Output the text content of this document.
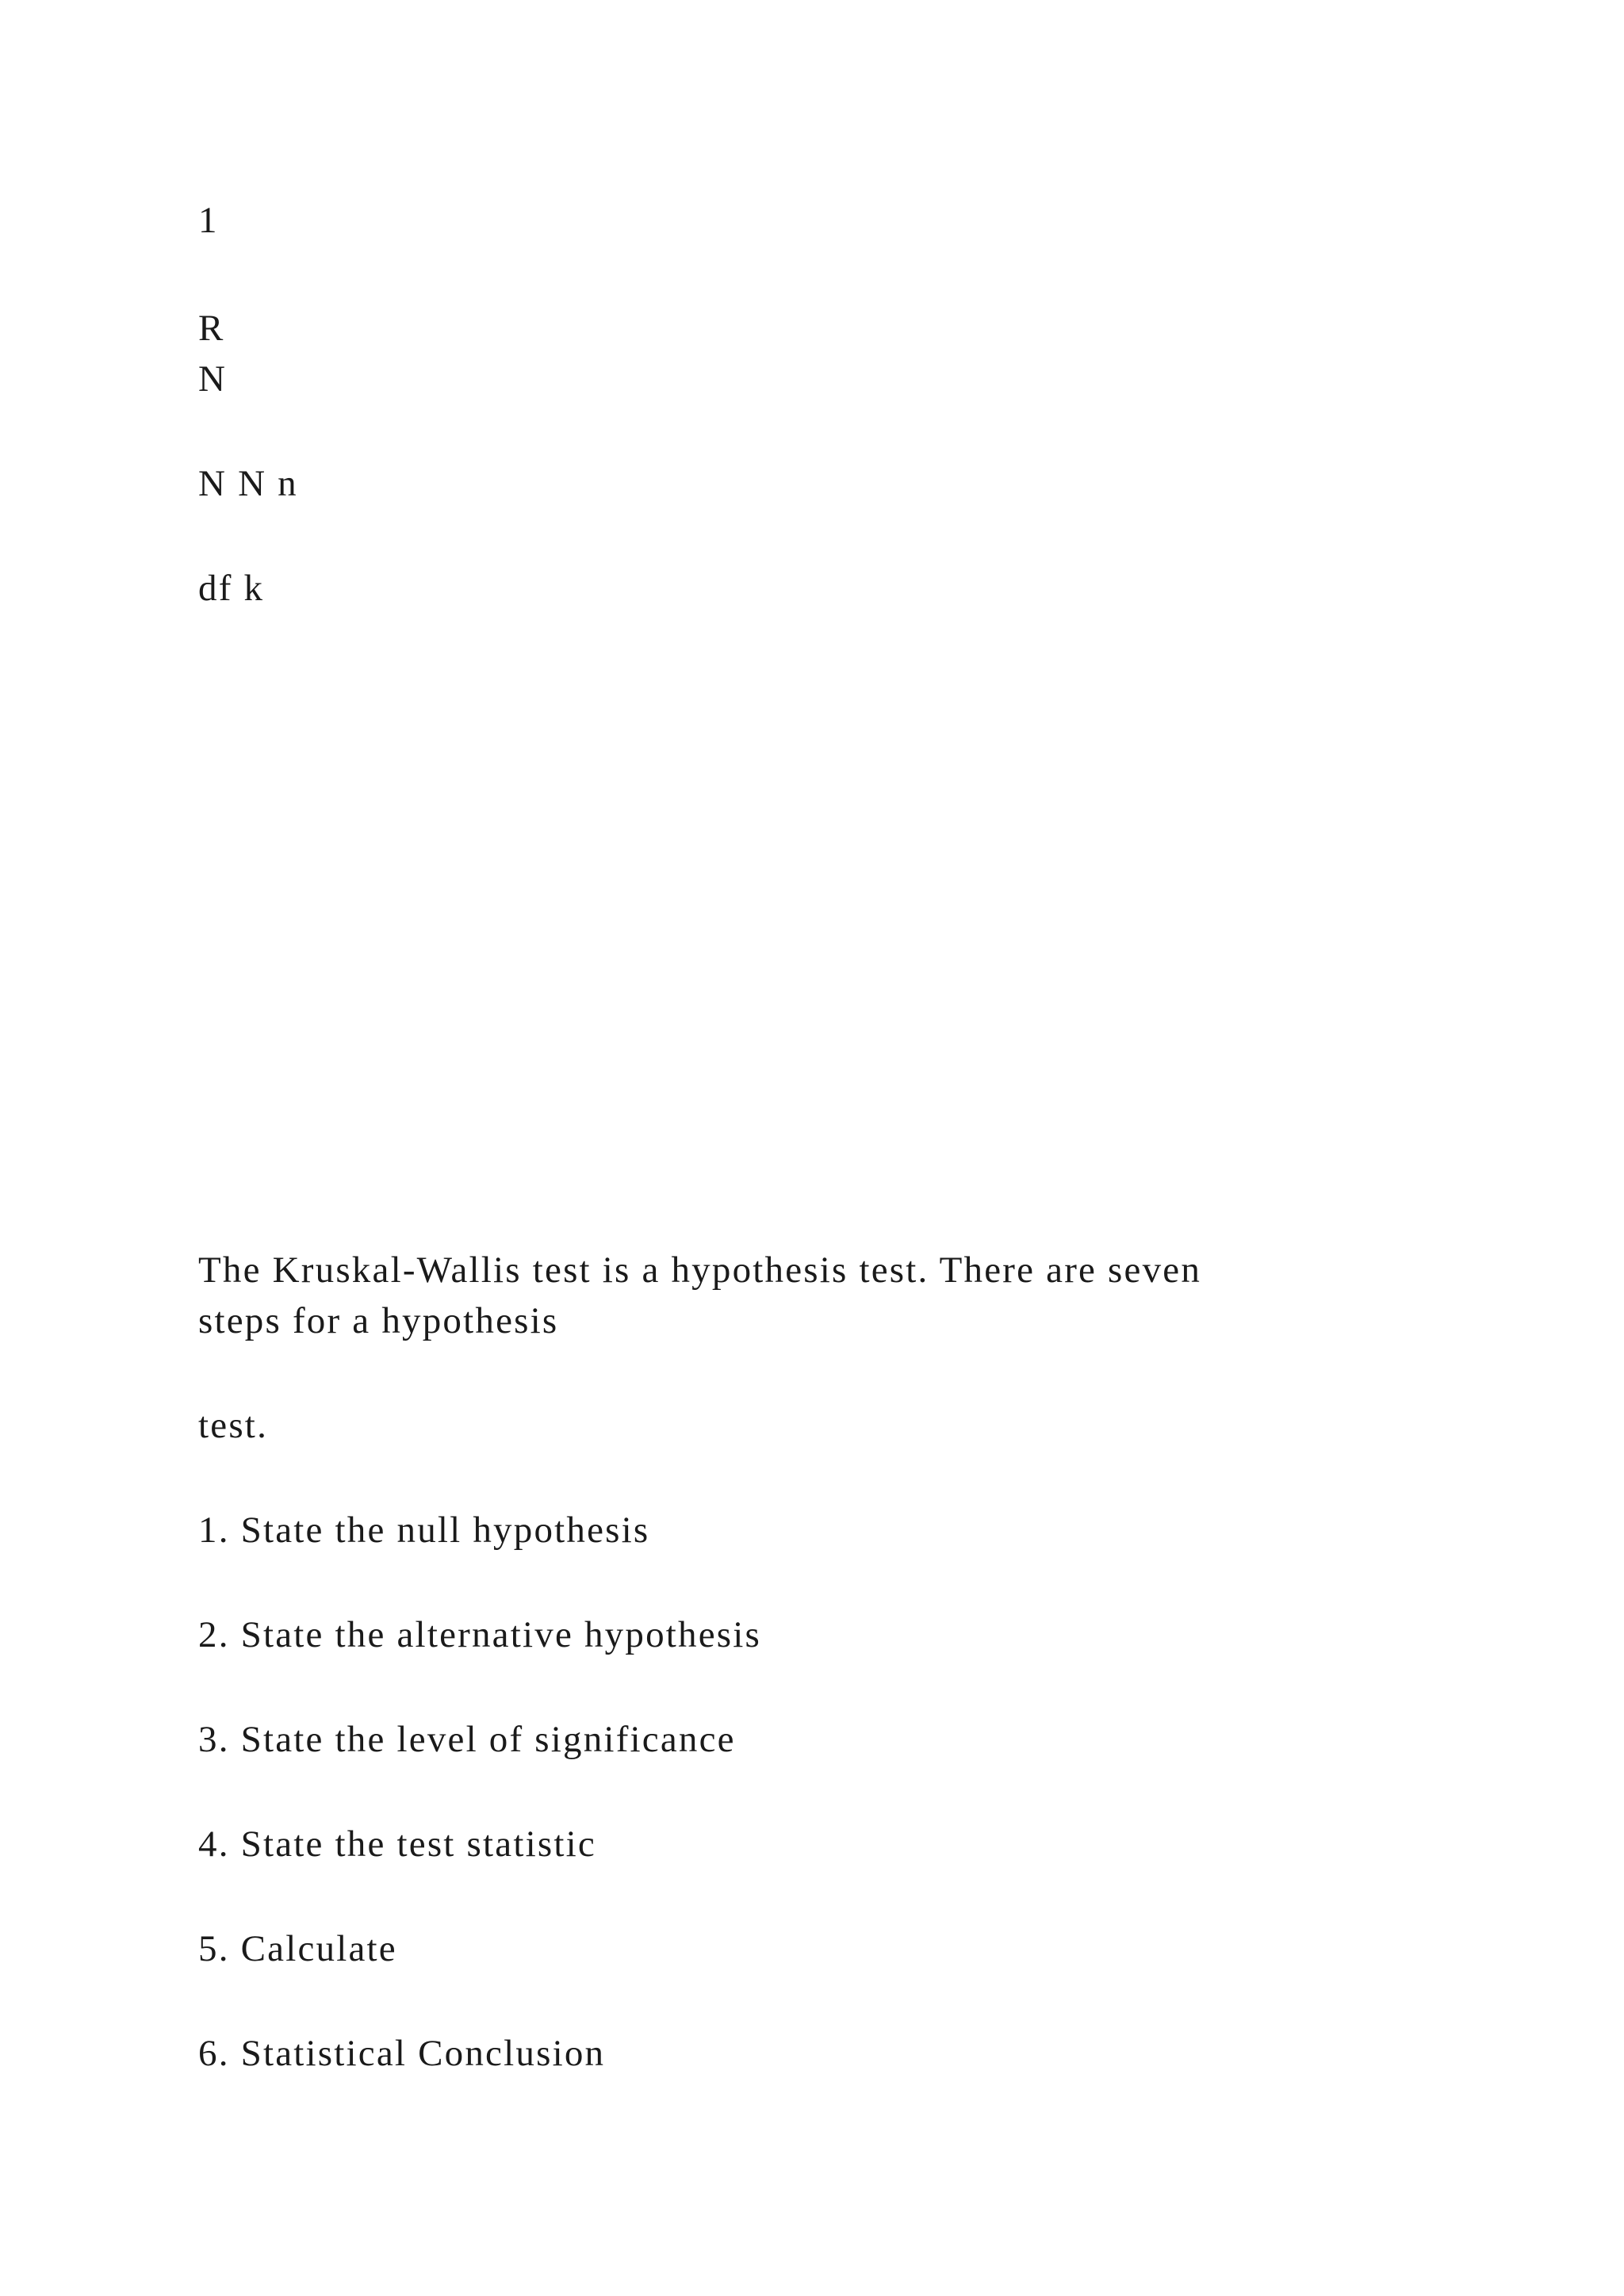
1
R
N
N N n
df k

The Kruskal-Wallis test is a hypothesis test. There are seven
steps for a hypothesis
test.
1. State the null hypothesis
2. State the alternative hypothesis
3. State the level of significance
4. State the test statistic
5. Calculate
6. Statistical Conclusion
